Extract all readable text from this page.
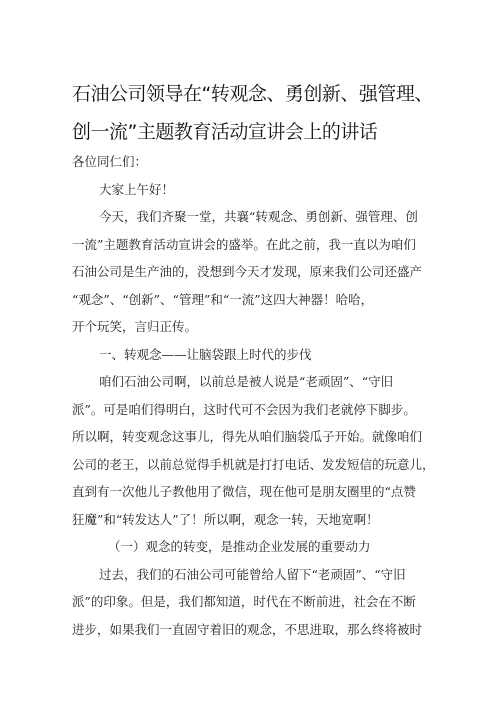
石油公司领导在“转观念、勇创新、强管理、
创一流”主题教育活动宣讲会上的讲话
各位同仁们：
大家上午好！
今天，我们齐聚一堂，共襄“转观念、勇创新、强管理、创
一流”主题教育活动宣讲会的盛举。在此之前，我一直以为咱们
石油公司是生产油的，没想到今天才发现，原来我们公司还盛产
“观念”、“创新”、“管理”和“一流”这四大神器！哈哈，
开个玩笑，言归正传。
一、转观念——让脑袋跟上时代的步伐
咱们石油公司啊，以前总是被人说是“老顽固”、“守旧
派”。可是咱们得明白，这时代可不会因为我们老就停下脚步。
所以啊，转变观念这事儿，得先从咱们脑袋瓜子开始。就像咱们
公司的老王，以前总觉得手机就是打打电话、发发短信的玩意儿，
直到有一次他儿子教他用了微信，现在他可是朋友圈里的“点赞
狂魔”和“转发达人”了！所以啊，观念一转，天地宽啊！
（一）观念的转变，是推动企业发展的重要动力
过去，我们的石油公司可能曾给人留下“老顽固”、“守旧
派”的印象。但是，我们都知道，时代在不断前进，社会在不断
进步，如果我们一直固守着旧的观念，不思进取，那么终将被时
